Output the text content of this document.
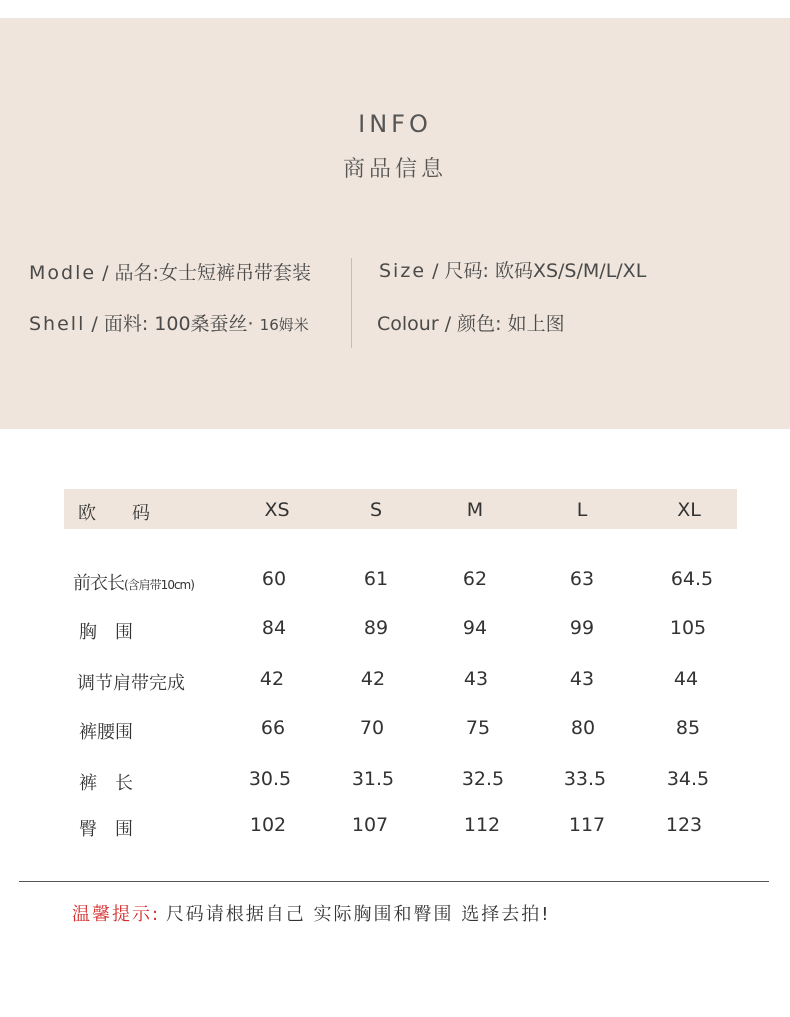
INFO
商品信息
Modle / 品名:女士短裤吊带套装
Shell / 面料: 100桑蚕丝· 16姆米
Size / 尺码: 欧码XS/S/M/L/XL
Colour / 颜色: 如上图
欧　　码	XS	S	M	L	XL
前衣长(含肩带10cm)	60	61	62	63	64.5
胸　围	84	89	94	99	105
调节肩带完成	42	42	43	43	44
裤腰围	66	70	75	80	85
裤　长	30.5	31.5	32.5	33.5	34.5
臀　围	102	107	112	117	123
温馨提示: 尺码请根据自己 实际胸围和臀围 选择去拍!
